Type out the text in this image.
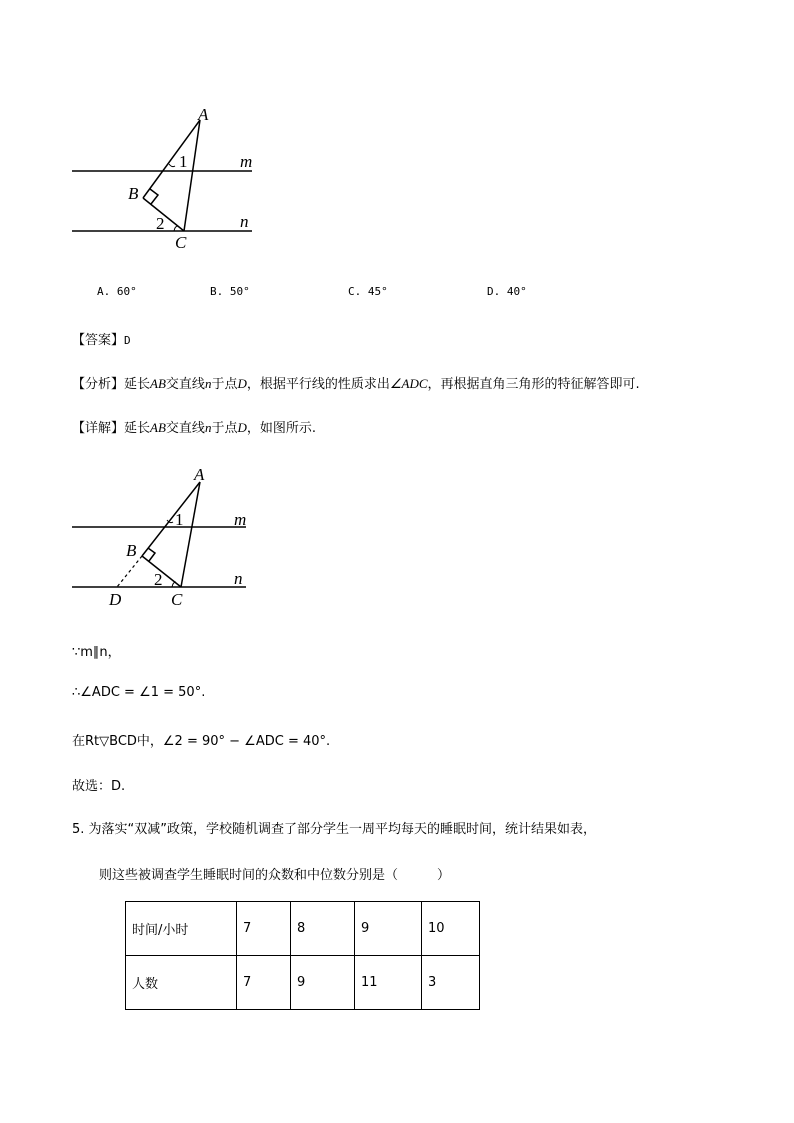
A
B
C
1
2
m
n
A. 60°	B. 50°	C. 45°	D. 40°
【答案】D
【分析】延长AB交直线n于点D，根据平行线的性质求出∠ADC，再根据直角三角形的特征解答即可.
【详解】延长AB交直线n于点D，如图所示.
A
B
C
D
1
2
m
n
∵m∥n，
∴∠ADC = ∠1 = 50°.
在Rt▽BCD中，∠2 = 90° − ∠ADC = 40°.
故选：D.
5. 为落实“双减”政策，学校随机调查了部分学生一周平均每天的睡眠时间，统计结果如表，
则这些被调查学生睡眠时间的众数和中位数分别是（　　　）
时间/小时	7	8	9	10
人数	7	9	11	3
